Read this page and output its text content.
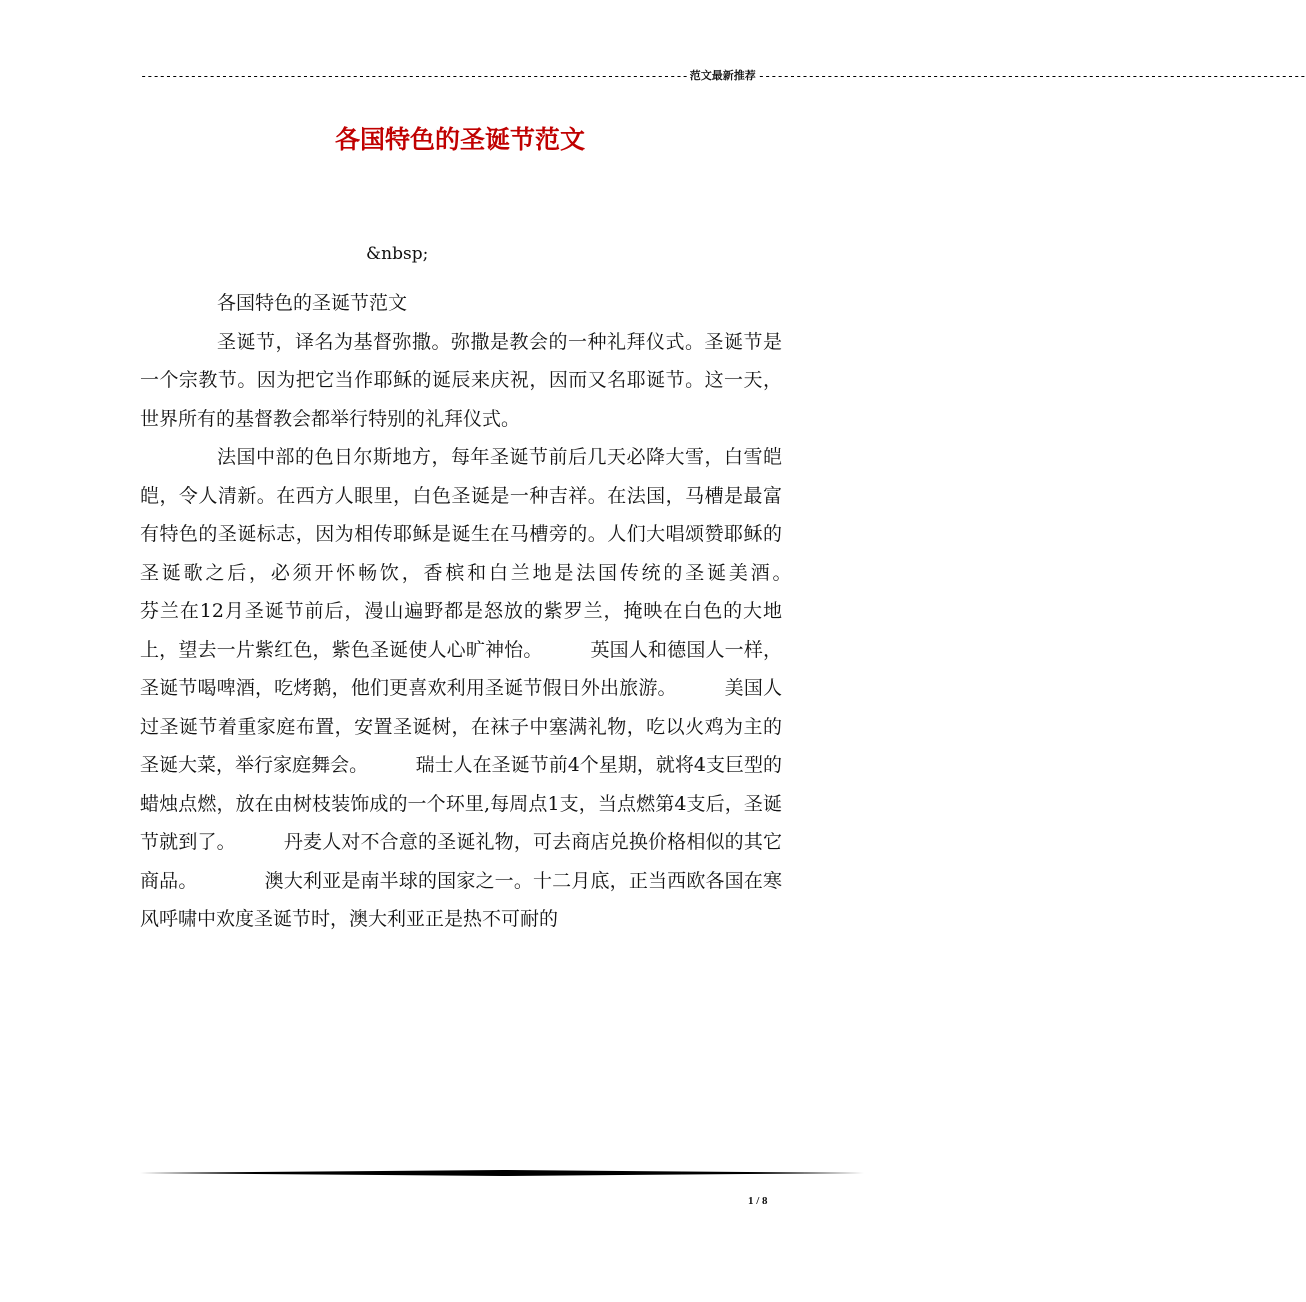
---------------------------------------------------------------------------------------- 范文最新推荐 ----------------------------------------------------------------------------------------
各国特色的圣诞节范文
&nbsp;

各国特色的圣诞节范文

圣诞节，译名为基督弥撒。弥撒是教会的一种礼拜仪式。圣诞节是一个宗教节。因为把它当作耶稣的诞辰来庆祝，因而又名耶诞节。这一天，世界所有的基督教会都举行特别的礼拜仪式。

法国中部的色日尔斯地方，每年圣诞节前后几天必降大雪，白雪皑皑，令人清新。在西方人眼里，白色圣诞是一种吉祥。在法国，马槽是最富有特色的圣诞标志，因为相传耶稣是诞生在马槽旁的。人们大唱颂赞耶稣的圣诞歌之后，必须开怀畅饮，香槟和白兰地是法国传统的圣诞美酒。　　　　芬兰在12月圣诞节前后，漫山遍野都是怒放的紫罗兰，掩映在白色的大地上，望去一片紫红色，紫色圣诞使人心旷神怡。　　　英国人和德国人一样，圣诞节喝啤酒，吃烤鹅，他们更喜欢利用圣诞节假日外出旅游。　　　美国人过圣诞节着重家庭布置，安置圣诞树，在袜子中塞满礼物，吃以火鸡为主的圣诞大菜，举行家庭舞会。　　　瑞士人在圣诞节前4个星期，就将4支巨型的蜡烛点燃，放在由树枝装饰成的一个环里,每周点1支，当点燃第4支后，圣诞节就到了。　　　丹麦人对不合意的圣诞礼物，可去商店兑换价格相似的其它商品。　　　　澳大利亚是南半球的国家之一。十二月底，正当西欧各国在寒风呼啸中欢度圣诞节时，澳大利亚正是热不可耐的

1 / 8
